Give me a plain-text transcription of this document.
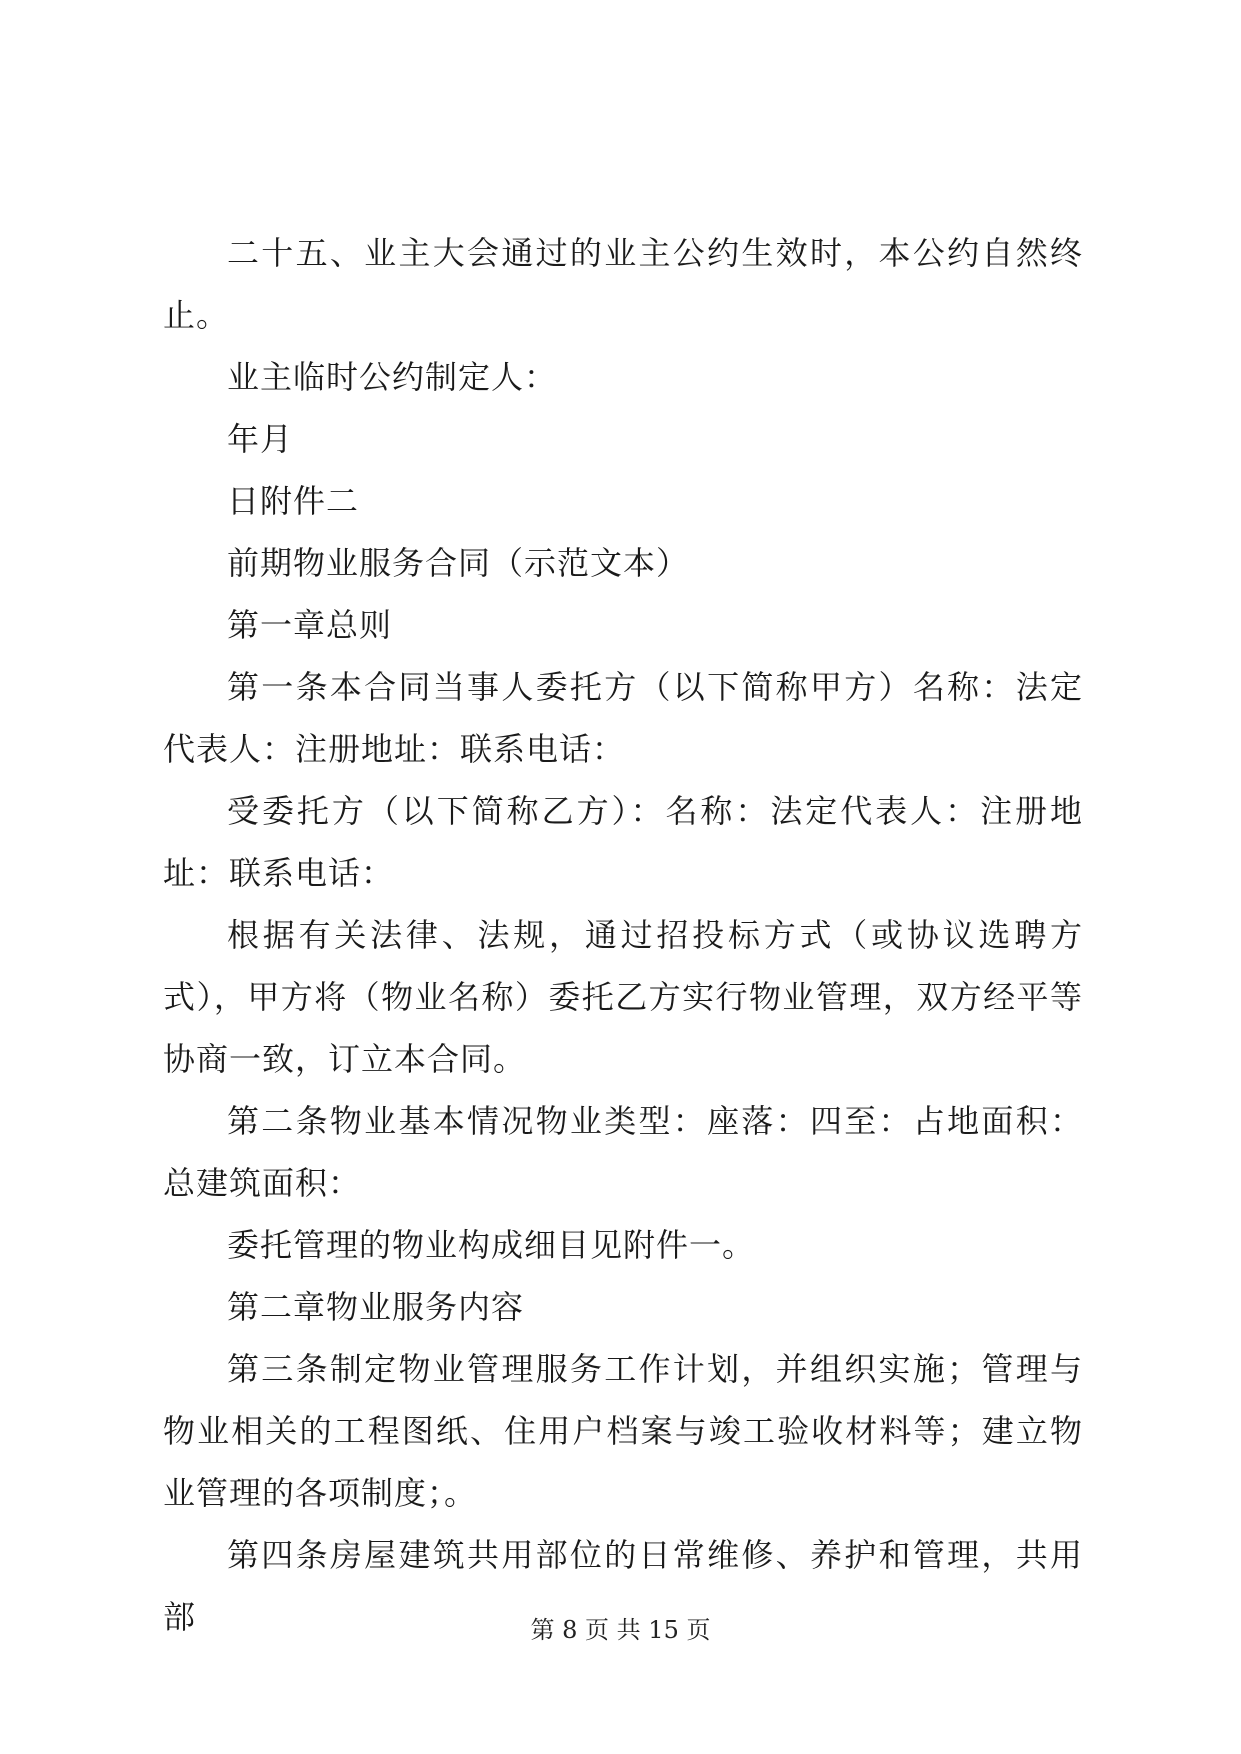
二十五、业主大会通过的业主公约生效时，本公约自然终止。

业主临时公约制定人：

年月

日附件二

前期物业服务合同（示范文本）

第一章总则

第一条本合同当事人委托方（以下简称甲方）名称：法定代表人：注册地址：联系电话：

受委托方（以下简称乙方）：名称：法定代表人：注册地址：联系电话：

根据有关法律、法规，通过招投标方式（或协议选聘方式），甲方将（物业名称）委托乙方实行物业管理，双方经平等协商一致，订立本合同。

第二条物业基本情况物业类型：座落：四至：占地面积：总建筑面积：

委托管理的物业构成细目见附件一。

第二章物业服务内容

第三条制定物业管理服务工作计划，并组织实施；管理与物业相关的工程图纸、住用户档案与竣工验收材料等；建立物业管理的各项制度；。

第四条房屋建筑共用部位的日常维修、养护和管理，共用部	第 8 页 共 15 页
